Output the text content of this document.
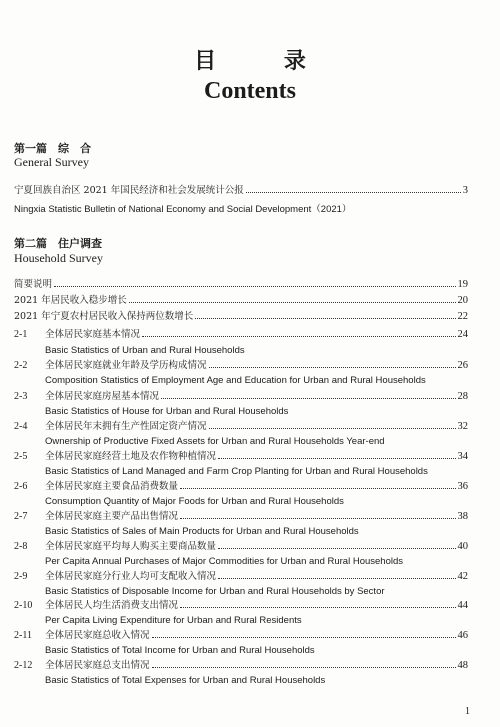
目 录
Contents
第一篇　综　合
General Survey
宁夏回族自治区 2021 年国民经济和社会发展统计公报	3
Ningxia Statistic Bulletin of National Economy and Social Development（2021）
第二篇　住户调查
Household Survey
简要说明	19
2021 年居民收入稳步增长	20
2021 年宁夏农村居民收入保持两位数增长	22
2-1	全体居民家庭基本情况	24
Basic Statistics of Urban and Rural Households
2-2	全体居民家庭就业年龄及学历构成情况	26
Composition Statistics of Employment Age and Education for Urban and Rural Households
2-3	全体居民家庭房屋基本情况	28
Basic Statistics of House for Urban and Rural Households
2-4	全体居民年末拥有生产性固定资产情况	32
Ownership of Productive Fixed Assets for Urban and Rural Households Year-end
2-5	全体居民家庭经营土地及农作物种植情况	34
Basic Statistics of Land Managed and Farm Crop Planting for Urban and Rural Households
2-6	全体居民家庭主要食品消费数量	36
Consumption Quantity of Major Foods for Urban and Rural Households
2-7	全体居民家庭主要产品出售情况	38
Basic Statistics of Sales of Main Products for Urban and Rural Households
2-8	全体居民家庭平均每人购买主要商品数量	40
Per Capita Annual Purchases of Major Commodities for Urban and Rural Households
2-9	全体居民家庭分行业人均可支配收入情况	42
Basic Statistics of Disposable Income for Urban and Rural Households by Sector
2-10	全体居民人均生活消费支出情况	44
Per Capita Living Expenditure for Urban and Rural Residents
2-11	全体居民家庭总收入情况	46
Basic Statistics of Total Income for Urban and Rural Households
2-12	全体居民家庭总支出情况	48
Basic Statistics of Total Expenses for Urban and Rural Households
1
